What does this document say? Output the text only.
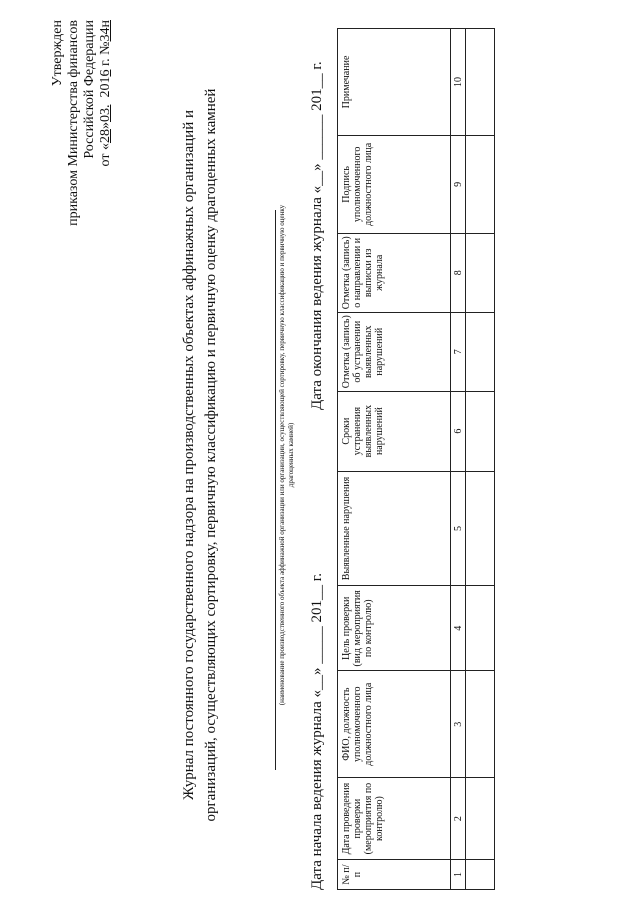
Утвержден приказом Министерства финансов Российской Федерации от «28»03.  2016 г. №34н
Журнал постоянного государственного надзора на производственных объектах аффинажных организаций и организаций, осуществляющих сортировку, первичную классификацию и первичную оценку драгоценных камней	(наименование производственного объекта аффинажной организации или организации, осуществляющей сортировку, первичную классификацию и первичную оценку драгоценных камней)
Дата начала ведения журнала «__» _____ 201__ г.
Дата окончания ведения журнала «__» ______ 201__ г.
№ п/п	Дата проведения проверки (мероприятия по контролю)	ФИО, должность уполномоченного должностного лица	Цель проверки (вид мероприятия по контролю)	Выявленные нарушения	Сроки устранения выявленных нарушений	Отметка (запись) об устранении выявленных нарушений	Отметка (запись) о направлении и выписки из журнала	Подпись уполномоченного должностного лица	Примечание
1	2	3	4	5	6	7	8	9	10
